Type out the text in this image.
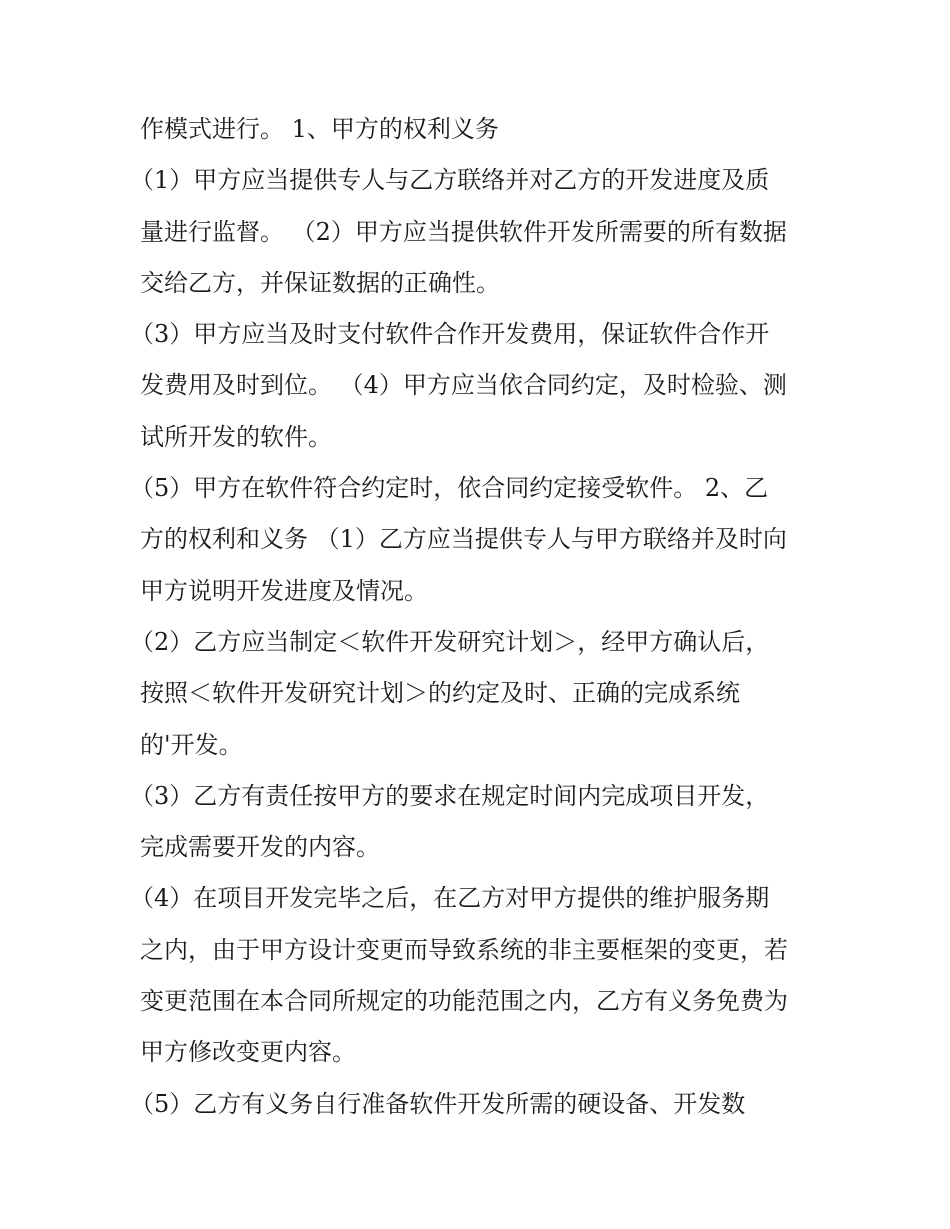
作模式进行。 1、甲方的权利义务
（1）甲方应当提供专人与乙方联络并对乙方的开发进度及质
量进行监督。 （2）甲方应当提供软件开发所需要的所有数据
交给乙方，并保证数据的正确性。
（3）甲方应当及时支付软件合作开发费用，保证软件合作开
发费用及时到位。 （4）甲方应当依合同约定，及时检验、测
试所开发的软件。
（5）甲方在软件符合约定时，依合同约定接受软件。 2、乙
方的权利和义务 （1）乙方应当提供专人与甲方联络并及时向
甲方说明开发进度及情况。
（2）乙方应当制定＜软件开发研究计划＞，经甲方确认后，
按照＜软件开发研究计划＞的约定及时、正确的完成系统
的'开发。
（3）乙方有责任按甲方的要求在规定时间内完成项目开发，
完成需要开发的内容。
（4）在项目开发完毕之后，在乙方对甲方提供的维护服务期
之内，由于甲方设计变更而导致系统的非主要框架的变更，若
变更范围在本合同所规定的功能范围之内，乙方有义务免费为
甲方修改变更内容。
（5）乙方有义务自行准备软件开发所需的硬设备、开发数
